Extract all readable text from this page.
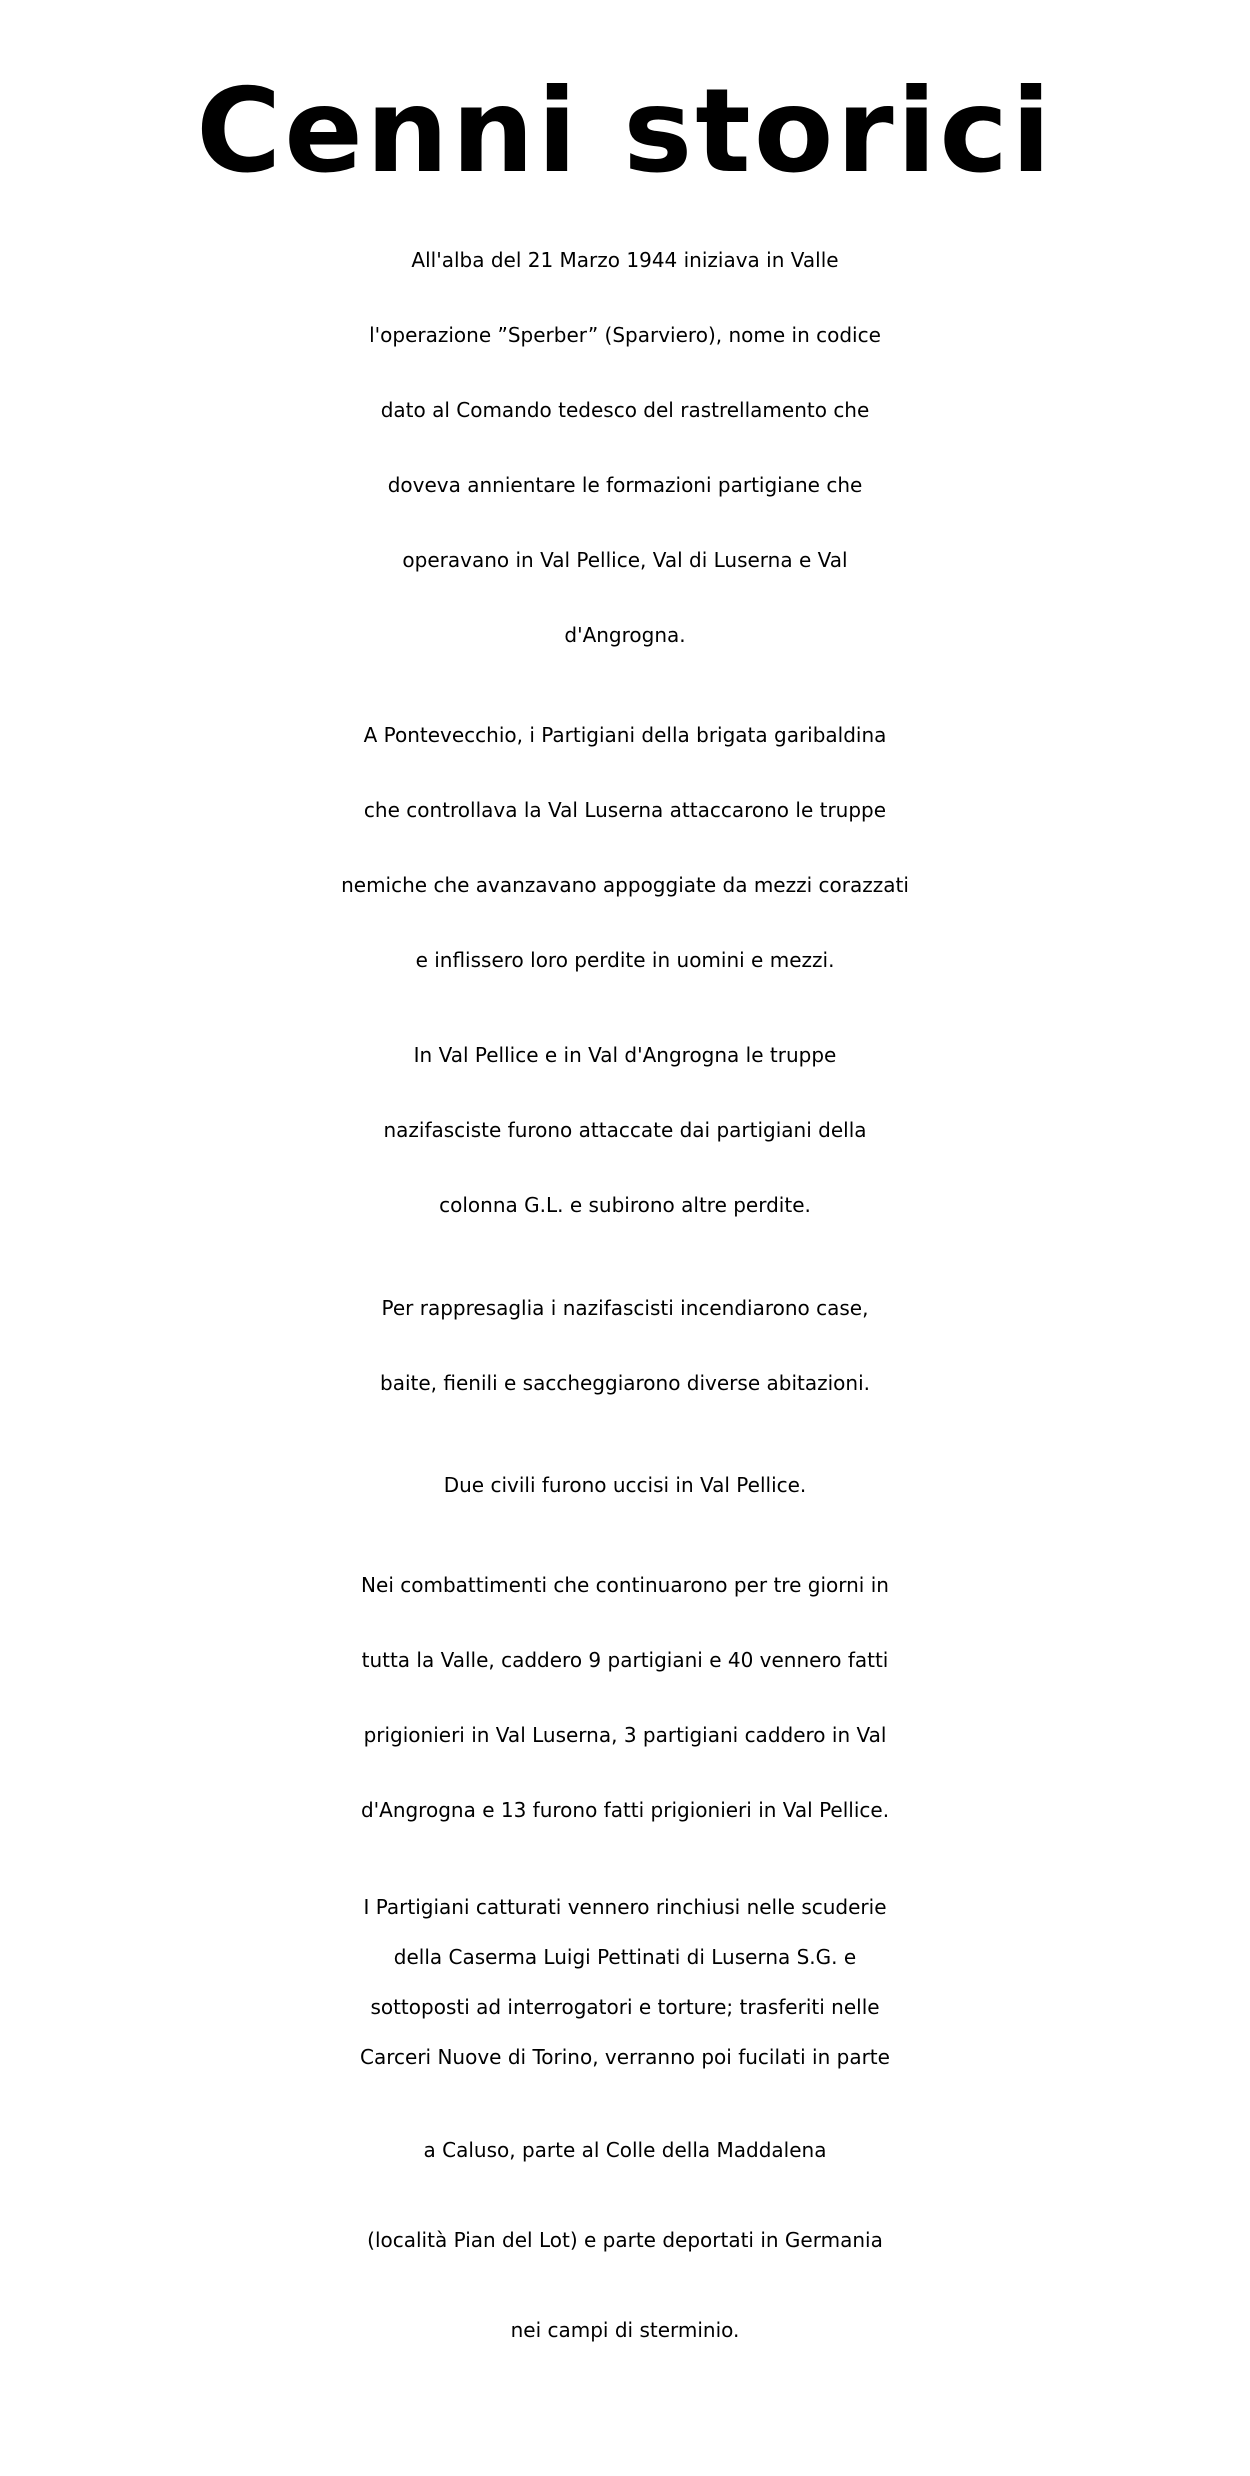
Cenni storici

All'alba del 21 Marzo 1944 iniziava in Valle

l'operazione ”Sperber” (Sparviero), nome in codice

dato al Comando tedesco del rastrellamento che

doveva annientare le formazioni partigiane che

operavano in Val Pellice, Val di Luserna e Val

d'Angrogna.

A Pontevecchio, i Partigiani della brigata garibaldina

che controllava la Val Luserna attaccarono le truppe

nemiche che avanzavano appoggiate da mezzi corazzati

e inflissero loro perdite in uomini e mezzi.

In Val Pellice e in Val d'Angrogna le truppe

nazifasciste furono attaccate dai partigiani della

colonna G.L. e subirono altre perdite.

Per rappresaglia i nazifascisti incendiarono case,

baite, fienili e saccheggiarono diverse abitazioni.

Due civili furono uccisi in Val Pellice.

Nei combattimenti che continuarono per tre giorni in

tutta la Valle, caddero 9 partigiani e 40 vennero fatti

prigionieri in Val Luserna, 3 partigiani caddero in Val

d'Angrogna e 13 furono fatti prigionieri in Val Pellice.

I Partigiani catturati vennero rinchiusi nelle scuderie

della Caserma Luigi Pettinati di Luserna S.G. e

sottoposti ad interrogatori e torture; trasferiti nelle

Carceri Nuove di Torino, verranno poi fucilati in parte

a Caluso, parte al Colle della Maddalena

(località Pian del Lot) e parte deportati in Germania

nei campi di sterminio.
